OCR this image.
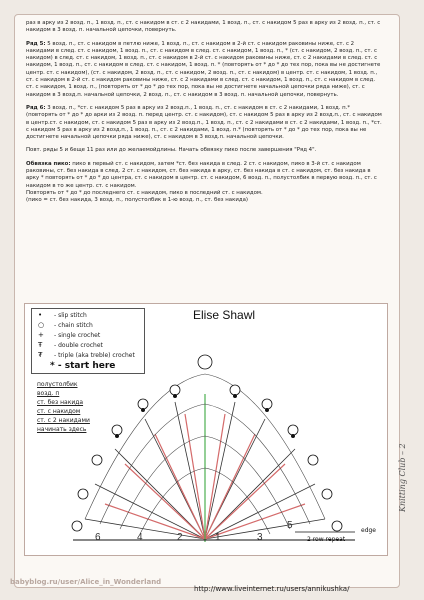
раз в арку из 2 возд. п., 1 возд. п., ст. с накидом в ст. с 2 накидами, 1 возд. п., ст. с накидом 5 раз в арку из 2 возд. п., ст. с накидом в 3 возд. п. начальной цепочки, повернуть.

Ряд 5: 5 возд. п., ст. с накидом в петлю ниже, 1 возд. п., ст. с накидом в 2-й ст. с накидом раковины ниже, ст. с 2 накидами в след. ст. с накидом, 1 возд. п., ст. с накидом в след. ст. с накидом, 1 возд. п., * (ст. с накидом, 2 возд. п., ст. с накидом) в след. ст. с накидом, 1 возд. п., ст. с накидом в 2-й ст. с накидом раковины ниже, ст. с 2 накидами в след. ст. с накидом, 1 возд. п., ст. с накидом в след. ст. с накидом, 1 возд. п. * (повторять от * до * до тех пор, пока вы не достигнете центр. ст. с накидом), (ст. с накидом, 2 возд. п., ст. с накидом, 2 возд. п., ст. с накидом) в центр. ст. с накидом, 1 возд. п., ст. с накидом в 2-й ст. с накидом раковины ниже, ст. с 2 накидами в след. ст. с накидом, 1 возд. п., ст. с накидом в след. ст. с накидом, 1 возд. п., (повторять от * до * до тех пор, пока вы не достигнете начальной цепочки ряда ниже), ст. с накидом в 3 возд.п. начальной цепочки, 2 возд. п., ст. с накидом в 3 возд. п. начальной цепочки, повернуть.

Ряд 6: 3 возд. п., *ст. с накидом 5 раз в арку из 2 возд.п., 1 возд. п., ст. с накидом в ст. с 2 накидами, 1 возд. п.* (повторять от * до * до арки из 2 возд. п. перед центр. ст. с накидом), ст. с накидом 5 раз в арку из 2 возд.п., ст. с накидом в центр.ст. с накидом, ст. с накидом 5 раз в арку из 2 возд.п., 1 возд. п., ст. с 2 накидами в ст. с 2 накидами, 1 возд. п., *ст. с накидом 5 раз в арку из 2 возд.п., 1 возд. п., ст. с 2 накидами, 1 возд. п.* (повторять от * до * до тех пор, пока вы не достигнете начальной цепочки ряда ниже), ст. с накидом в 3 возд.п. начальной цепочки.

Повт. ряды 5 и 6еще 11 раз или до желаемойдлины. Начать обвязку пико после завершения "Ряд 4".

Обвязка пико: пико в первый ст. с накидом, затем *ст. без накида в след. 2 ст. с накидом, пико в 3-й ст. с накидом раковины, ст. без накида в след. 2 ст. с накидом, ст. без накида в арку, ст. без накида в ст. с накидом, ст. без накида в арку * повторять от * до * до центра, ст. с накидом в центр. ст. с накидом, 6 возд. п., полустолбик в первую возд. п., ст. с накидом в то же центр. ст. с накидом.
Повторять от * до * до последнего ст. с накидом, пико в последний ст. с накидом.
(пико = ст. без накида, 3 возд. п., полустолбик в 1-ю возд. п., ст. без накида)

Elise Shawl
• - slip stitch
○ - chain stitch
+ - single crochet
Ŧ - double crochet
₮ - triple (aka treble) crochet
* - start here
полустолбик
возд. п
ст. без накида
ст. с накидом
ст. с 2 накидами
начинать здесь
6	4	2	1	3
5
2 row repeat
edge
Knitting Club – 2
babyblog.ru/user/Alice_in_Wonderland
http://www.liveinternet.ru/users/annikushka/
